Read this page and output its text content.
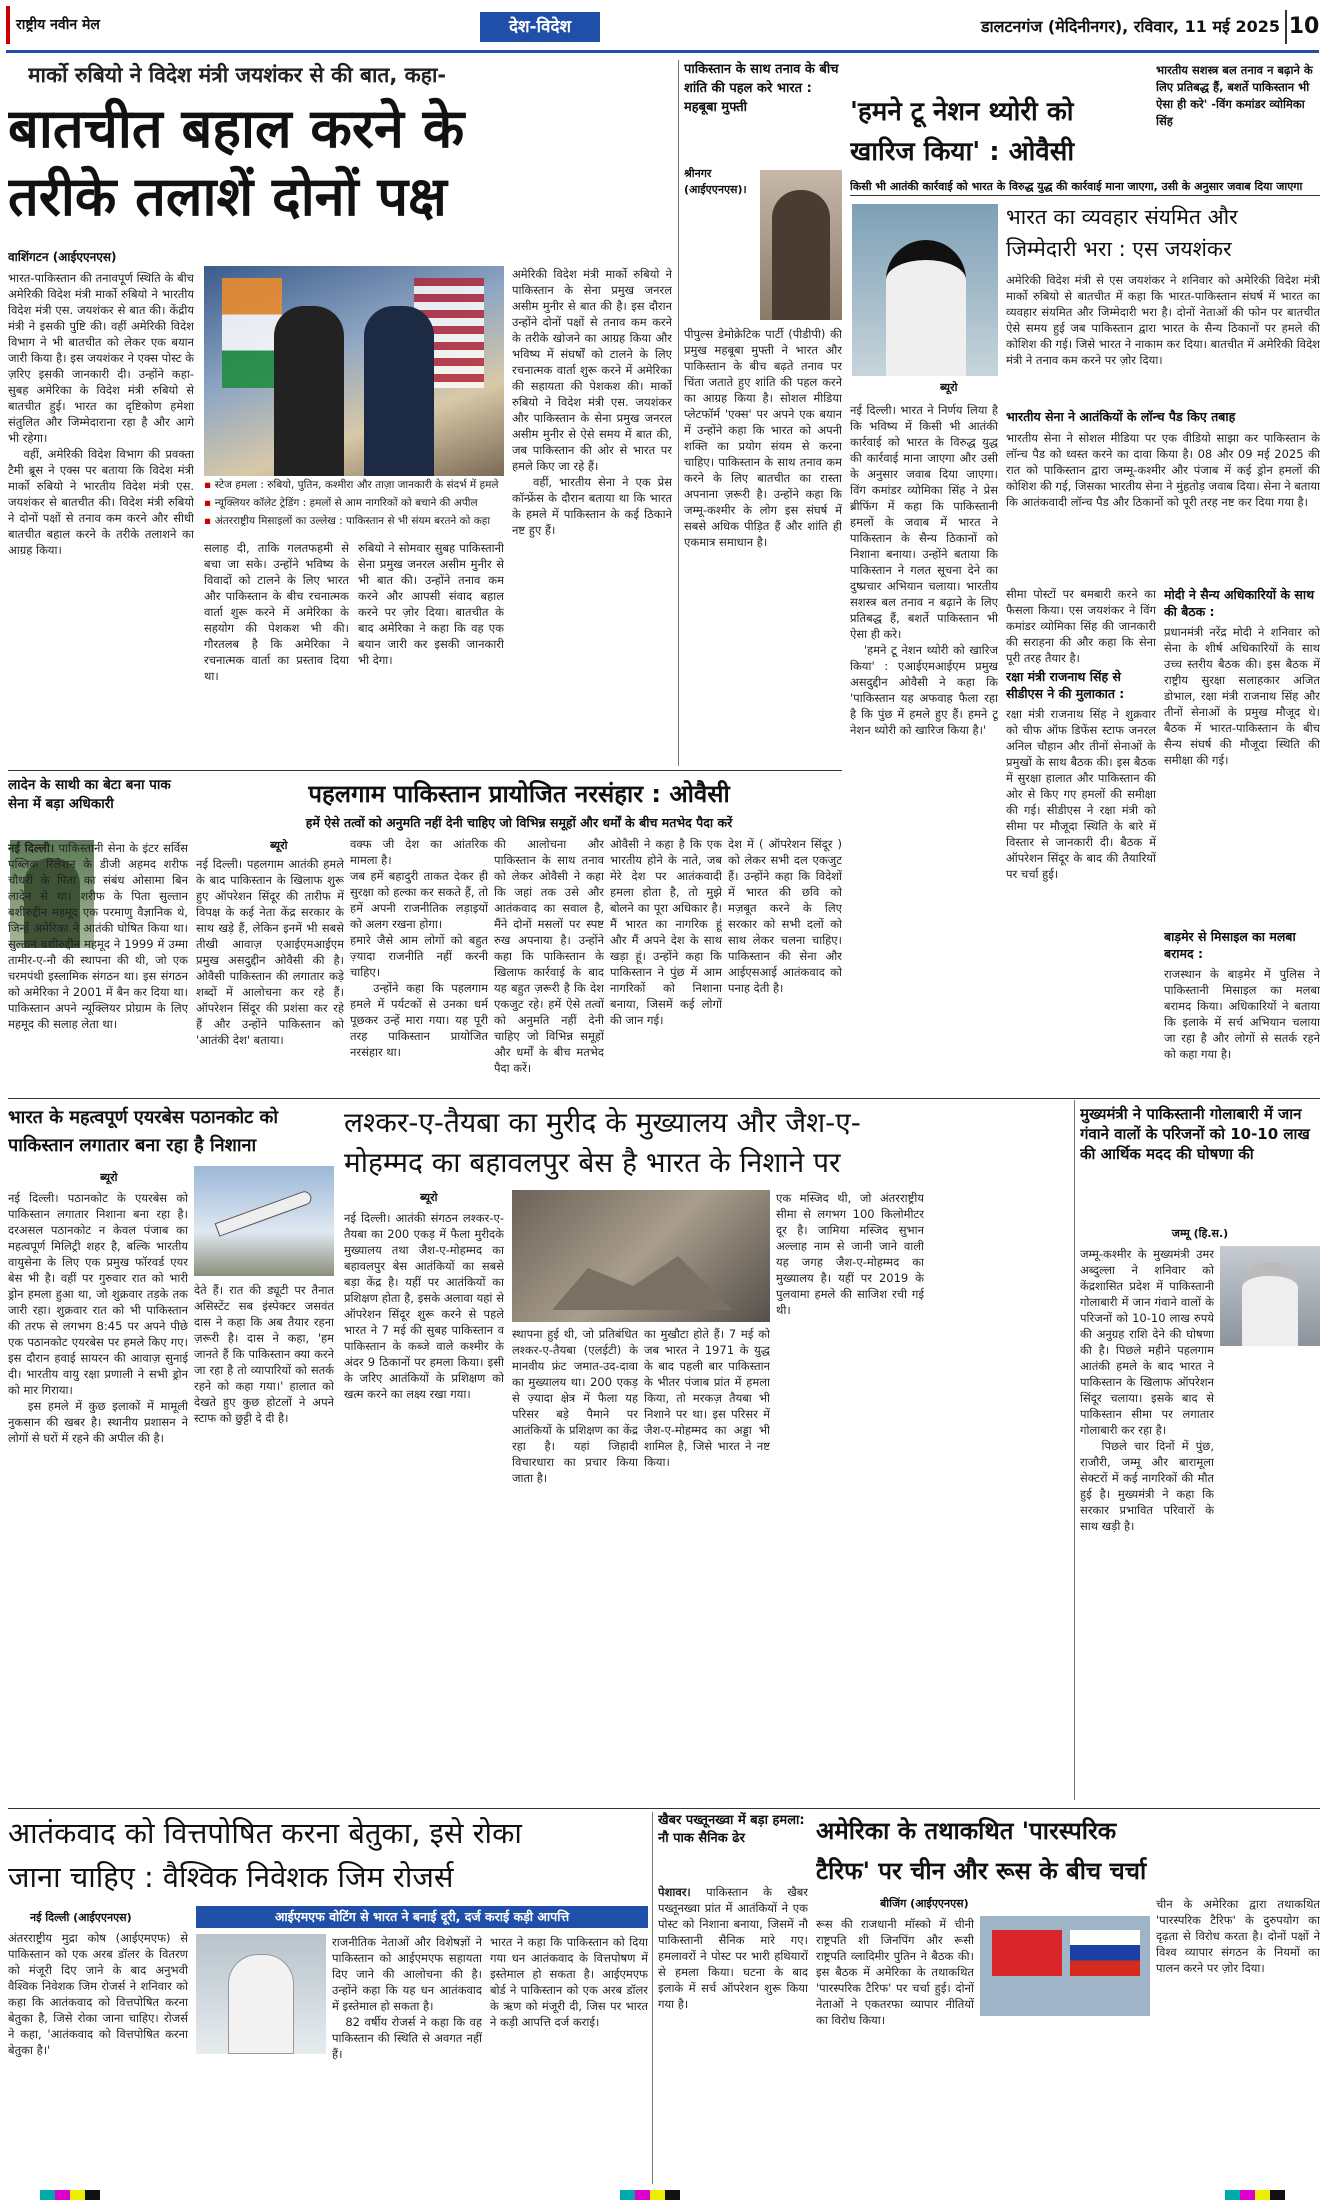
राष्ट्रीय नवीन मेल	देश-विदेश	डालटनगंज (मेदिनीनगर), रविवार, 11 मई 2025 10
मार्को रुबियो ने विदेश मंत्री जयशंकर से की बात, कहा-
बातचीत बहाल करने के
तरीके तलाशें दोनों पक्ष
वाशिंगटन (आईएएनएस)
भारत-पाकिस्तान की तनावपूर्ण स्थिति के बीच अमेरिकी विदेश मंत्री मार्को रुबियो ने भारतीय विदेश मंत्री एस. जयशंकर से बात की। केंद्रीय मंत्री ने इसकी पुष्टि की। वहीं अमेरिकी विदेश विभाग ने भी बातचीत को लेकर एक बयान जारी किया है। इस जयशंकर ने एक्स पोस्ट के ज़रिए इसकी जानकारी दी। उन्होंने कहा- सुबह अमेरिका के विदेश मंत्री रुबियो से बातचीत हुई। भारत का दृष्टिकोण हमेशा संतुलित और जिम्मेदाराना रहा है और आगे भी रहेगा।
वहीं, अमेरिकी विदेश विभाग की प्रवक्ता टैमी ब्रूस ने एक्स पर बताया कि विदेश मंत्री मार्को रुबियो ने भारतीय विदेश मंत्री एस. जयशंकर से बातचीत की। विदेश मंत्री रुबियो ने दोनों पक्षों से तनाव कम करने और सीधी बातचीत बहाल करने के तरीके तलाशने का आग्रह किया।
▪ स्टेज हमला : रुबियो, पुतिन, कश्मीरा और ताज़ा जानकारी के संदर्भ में हमले
▪ न्यूक्लियर कॉलेट ट्रेडिंग : हमलों से आम नागरिकों को बचाने की अपील
▪ अंतरराष्ट्रीय मिसाइलों का उल्लेख : पाकिस्तान से भी संयम बरतने को कहा
सलाह दी, ताकि गलतफहमी से बचा जा सके। उन्होंने भविष्य के विवादों को टालने के लिए भारत और पाकिस्तान के बीच रचनात्मक वार्ता शुरू करने में अमेरिका के सहयोग की पेशकश भी की। गौरतलब है कि अमेरिका ने रचनात्मक वार्ता का प्रस्ताव दिया था।
रुबियो ने सोमवार सुबह पाकिस्तानी सेना प्रमुख जनरल असीम मुनीर से भी बात की। उन्होंने तनाव कम करने और आपसी संवाद बहाल करने पर ज़ोर दिया। बातचीत के बाद अमेरिका ने कहा कि वह एक बयान जारी कर इसकी जानकारी भी देगा।
अमेरिकी विदेश मंत्री मार्को रुबियो ने पाकिस्तान के सेना प्रमुख जनरल असीम मुनीर से बात की है। इस दौरान उन्होंने दोनों पक्षों से तनाव कम करने के तरीके खोजने का आग्रह किया और भविष्य में संघर्षों को टालने के लिए रचनात्मक वार्ता शुरू करने में अमेरिका की सहायता की पेशकश की। मार्को रुबियो ने विदेश मंत्री एस. जयशंकर और पाकिस्तान के सेना प्रमुख जनरल असीम मुनीर से ऐसे समय में बात की, जब पाकिस्तान की ओर से भारत पर हमले किए जा रहे हैं।
वहीं, भारतीय सेना ने एक प्रेस कॉन्फ्रेंस के दौरान बताया था कि भारत के हमले में पाकिस्तान के कई ठिकाने नष्ट हुए हैं।
पाकिस्तान के साथ तनाव के बीच शांति की पहल करे भारत : महबूबा मुफ्ती
श्रीनगर (आईएएनएस)।
पीपुल्स डेमोक्रेटिक पार्टी (पीडीपी) की प्रमुख महबूबा मुफ्ती ने भारत और पाकिस्तान के बीच बढ़ते तनाव पर चिंता जताते हुए शांति की पहल करने का आग्रह किया है। सोशल मीडिया प्लेटफॉर्म 'एक्स' पर अपने एक बयान में उन्होंने कहा कि भारत को अपनी शक्ति का प्रयोग संयम से करना चाहिए। पाकिस्तान के साथ तनाव कम करने के लिए बातचीत का रास्ता अपनाना ज़रूरी है। उन्होंने कहा कि जम्मू-कश्मीर के लोग इस संघर्ष में सबसे अधिक पीड़ित हैं और शांति ही एकमात्र समाधान है।
'हमने टू नेशन थ्योरी को
खारिज किया' : ओवैसी
भारतीय सशस्त्र बल तनाव न बढ़ाने के लिए प्रतिबद्ध हैं, बशर्ते पाकिस्तान भी ऐसा ही करे' -विंग कमांडर व्योमिका सिंह
किसी भी आतंकी कार्रवाई को भारत के विरुद्ध युद्ध की कार्रवाई माना जाएगा, उसी के अनुसार जवाब दिया जाएगा
ब्यूरो
भारत का व्यवहार संयमित और
जिम्मेदारी भरा : एस जयशंकर
अमेरिकी विदेश मंत्री से एस जयशंकर ने शनिवार को अमेरिकी विदेश मंत्री मार्को रुबियो से बातचीत में कहा कि भारत-पाकिस्तान संघर्ष में भारत का व्यवहार संयमित और जिम्मेदारी भरा है। दोनों नेताओं की फोन पर बातचीत ऐसे समय हुई जब पाकिस्तान द्वारा भारत के सैन्य ठिकानों पर हमले की कोशिश की गई। जिसे भारत ने नाकाम कर दिया। बातचीत में अमेरिकी विदेश मंत्री ने तनाव कम करने पर ज़ोर दिया।
भारतीय सेना ने आतंकियों के लॉन्च पैड किए तबाह
भारतीय सेना ने सोशल मीडिया पर एक वीडियो साझा कर पाकिस्तान के लॉन्च पैड को ध्वस्त करने का दावा किया है। 08 और 09 मई 2025 की रात को पाकिस्तान द्वारा जम्मू-कश्मीर और पंजाब में कई ड्रोन हमलों की कोशिश की गई, जिसका भारतीय सेना ने मुंहतोड़ जवाब दिया। सेना ने बताया कि आतंकवादी लॉन्च पैड और ठिकानों को पूरी तरह नष्ट कर दिया गया है।
नई दिल्ली। भारत ने निर्णय लिया है कि भविष्य में किसी भी आतंकी कार्रवाई को भारत के विरुद्ध युद्ध की कार्रवाई माना जाएगा और उसी के अनुसार जवाब दिया जाएगा। विंग कमांडर व्योमिका सिंह ने प्रेस ब्रीफिंग में कहा कि पाकिस्तानी हमलों के जवाब में भारत ने पाकिस्तान के सैन्य ठिकानों को निशाना बनाया। उन्होंने बताया कि पाकिस्तान ने गलत सूचना देने का दुष्प्रचार अभियान चलाया। भारतीय सशस्त्र बल तनाव न बढ़ाने के लिए प्रतिबद्ध हैं, बशर्ते पाकिस्तान भी ऐसा ही करे।
'हमने टू नेशन थ्योरी को खारिज किया' : एआईएमआईएम प्रमुख असदुद्दीन ओवैसी ने कहा कि 'पाकिस्तान यह अफवाह फैला रहा है कि पुंछ में हमले हुए हैं। हमने टू नेशन थ्योरी को खारिज किया है।'
सीमा पोस्टों पर बमबारी करने का फैसला किया। एस जयशंकर ने विंग कमांडर व्योमिका सिंह की जानकारी की सराहना की और कहा कि सेना पूरी तरह तैयार है।
रक्षा मंत्री राजनाथ सिंह से सीडीएस ने की मुलाकात :
रक्षा मंत्री राजनाथ सिंह ने शुक्रवार को चीफ ऑफ डिफेंस स्टाफ जनरल अनिल चौहान और तीनों सेनाओं के प्रमुखों के साथ बैठक की। इस बैठक में सुरक्षा हालात और पाकिस्तान की ओर से किए गए हमलों की समीक्षा की गई। सीडीएस ने रक्षा मंत्री को सीमा पर मौजूदा स्थिति के बारे में विस्तार से जानकारी दी। बैठक में ऑपरेशन सिंदूर के बाद की तैयारियों पर चर्चा हुई।
मोदी ने सैन्य अधिकारियों के साथ की बैठक :
प्रधानमंत्री नरेंद्र मोदी ने शनिवार को सेना के शीर्ष अधिकारियों के साथ उच्च स्तरीय बैठक की। इस बैठक में राष्ट्रीय सुरक्षा सलाहकार अजित डोभाल, रक्षा मंत्री राजनाथ सिंह और तीनों सेनाओं के प्रमुख मौजूद थे। बैठक में भारत-पाकिस्तान के बीच सैन्य संघर्ष की मौजूदा स्थिति की समीक्षा की गई।
बाड़मेर से मिसाइल का मलबा बरामद :
राजस्थान के बाड़मेर में पुलिस ने पाकिस्तानी मिसाइल का मलबा बरामद किया। अधिकारियों ने बताया कि इलाके में सर्च अभियान चलाया जा रहा है और लोगों से सतर्क रहने को कहा गया है।
लादेन के साथी का बेटा बना पाक सेना में बड़ा अधिकारी
नई दिल्ली। पाकिस्तानी सेना के इंटर सर्विस पब्लिक रिलेशन के डीजी अहमद शरीफ चौधरी के पिता का संबंध ओसामा बिन लादेन से था। शरीफ के पिता सुल्तान बशीरुद्दीन महमूद एक परमाणु वैज्ञानिक थे, जिन्हें अमेरिका ने आतंकी घोषित किया था। सुल्तान बशीरुद्दीन महमूद ने 1999 में उम्मा तामीर-ए-नौ की स्थापना की थी, जो एक चरमपंथी इस्लामिक संगठन था। इस संगठन को अमेरिका ने 2001 में बैन कर दिया था। पाकिस्तान अपने न्यूक्लियर प्रोग्राम के लिए महमूद की सलाह लेता था।
पहलगाम पाकिस्तान प्रायोजित नरसंहार : ओवैसी
हमें ऐसे तत्वों को अनुमति नहीं देनी चाहिए जो विभिन्न समूहों और धर्मों के बीच मतभेद पैदा करें
ब्यूरो
नई दिल्ली। पहलगाम आतंकी हमले के बाद पाकिस्तान के खिलाफ शुरू हुए ऑपरेशन सिंदूर की तारीफ में विपक्ष के कई नेता केंद्र सरकार के साथ खड़े हैं, लेकिन इनमें भी सबसे तीखी आवाज़ एआईएमआईएम प्रमुख असदुद्दीन ओवैसी की है। ओवैसी पाकिस्तान की लगातार कड़े शब्दों में आलोचना कर रहे हैं। ऑपरेशन सिंदूर की प्रशंसा कर रहे हैं और उन्होंने पाकिस्तान को 'आतंकी देश' बताया।
वक्फ जी देश का आंतरिक मामला है।
जब हमें बहादुरी ताकत देकर ही सुरक्षा को हल्का कर सकते हैं, तो हमें अपनी राजनीतिक लड़ाइयों को अलग रखना होगा।
हमारे जैसे आम लोगों को बहुत ज़्यादा राजनीति नहीं करनी चाहिए।
उन्होंने कहा कि पहलगाम हमले में पर्यटकों से उनका धर्म पूछकर उन्हें मारा गया। यह पूरी तरह पाकिस्तान प्रायोजित नरसंहार था।
की आलोचना और पाकिस्तान के साथ तनाव को लेकर ओवैसी ने कहा कि जहां तक उसे और आतंकवाद का सवाल है, मैंने दोनों मसलों पर स्पष्ट रुख अपनाया है। उन्होंने कहा कि पाकिस्तान के खिलाफ कार्रवाई के बाद यह बहुत ज़रूरी है कि देश एकजुट रहे। हमें ऐसे तत्वों को अनुमति नहीं देनी चाहिए जो विभिन्न समूहों और धर्मों के बीच मतभेद पैदा करें।
ओवैसी ने कहा है कि एक भारतीय होने के नाते, जब मेरे देश पर आतंकवादी हमला होता है, तो मुझे बोलने का पूरा अधिकार है। मैं भारत का नागरिक हूं और मैं अपने देश के साथ खड़ा हूं। उन्होंने कहा कि पाकिस्तान ने पुंछ में आम नागरिकों को निशाना बनाया, जिसमें कई लोगों की जान गई।
देश में ( ऑपरेशन सिंदूर ) को लेकर सभी दल एकजुट हैं। उन्होंने कहा कि विदेशों में भारत की छवि को मज़बूत करने के लिए सरकार को सभी दलों को साथ लेकर चलना चाहिए। पाकिस्तान की सेना और आईएसआई आतंकवाद को पनाह देती है।
भारत के महत्वपूर्ण एयरबेस पठानकोट को पाकिस्तान लगातार बना रहा है निशाना
ब्यूरो
नई दिल्ली। पठानकोट के एयरबेस को पाकिस्तान लगातार निशाना बना रहा है। दरअसल पठानकोट न केवल पंजाब का महत्वपूर्ण मिलिट्री शहर है, बल्कि भारतीय वायुसेना के लिए एक प्रमुख फॉरवर्ड एयर बेस भी है। वहीं पर गुरुवार रात को भारी ड्रोन हमला हुआ था, जो शुक्रवार तड़के तक जारी रहा। शुक्रवार रात को भी पाकिस्तान की तरफ से लगभग 8:45 पर अपने पीछे एक पठानकोट एयरबेस पर हमले किए गए। इस दौरान हवाई सायरन की आवाज़ सुनाई दी। भारतीय वायु रक्षा प्रणाली ने सभी ड्रोन को मार गिराया।
इस हमले में कुछ इलाकों में मामूली नुकसान की खबर है। स्थानीय प्रशासन ने लोगों से घरों में रहने की अपील की है।
लश्कर-ए-तैयबा का मुरीद के मुख्यालय और जैश-ए-
मोहम्मद का बहावलपुर बेस है भारत के निशाने पर
ब्यूरो
नई दिल्ली। आतंकी संगठन लश्कर-ए-तैयबा का 200 एकड़ में फैला मुरीदके मुख्यालय तथा जैश-ए-मोहम्मद का बहावलपुर बेस आतंकियों का सबसे बड़ा केंद्र है। यहीं पर आतंकियों का प्रशिक्षण होता है, इसके अलावा यहां से ऑपरेशन सिंदूर शुरू करने से पहले भारत ने 7 मई की सुबह पाकिस्तान व पाकिस्तान के कब्जे वाले कश्मीर के अंदर 9 ठिकानों पर हमला किया। इसी के जरिए आतंकियों के प्रशिक्षण को खत्म करने का लक्ष्य रखा गया।
देते हैं। रात की ड्यूटी पर तैनात असिस्टेंट सब इंस्पेक्टर जसवंत दास ने कहा कि अब तैयार रहना ज़रूरी है। दास ने कहा, 'हम जानते हैं कि पाकिस्तान क्या करने जा रहा है तो व्यापारियों को सतर्क रहने को कहा गया।' हालात को देखते हुए कुछ होटलों ने अपने स्टाफ को छुट्टी दे दी है।
स्थापना हुई थी, जो प्रतिबंधित लश्कर-ए-तैयबा (एलईटी) के मानवीय फ्रंट जमात-उद-दावा का मुख्यालय था। 200 एकड़ से ज़्यादा क्षेत्र में फैला यह परिसर बड़े पैमाने पर आतंकियों के प्रशिक्षण का केंद्र रहा है। यहां जिहादी विचारधारा का प्रचार किया जाता है।
का मुखौटा होते हैं। 7 मई को जब भारत ने 1971 के युद्ध के बाद पहली बार पाकिस्तान के भीतर पंजाब प्रांत में हमला किया, तो मरकज़ तैयबा भी निशाने पर था। इस परिसर में जैश-ए-मोहम्मद का अड्डा भी शामिल है, जिसे भारत ने नष्ट किया।
एक मस्जिद थी, जो अंतरराष्ट्रीय सीमा से लगभग 100 किलोमीटर दूर है। जामिया मस्जिद सुभान अल्लाह नाम से जानी जाने वाली यह जगह जैश-ए-मोहम्मद का मुख्यालय है। यहीं पर 2019 के पुलवामा हमले की साजिश रची गई थी।
मुख्यमंत्री ने पाकिस्तानी गोलाबारी में जान गंवाने वालों के परिजनों को 10-10 लाख की आर्थिक मदद की घोषणा की
जम्मू (हि.स.)
जम्मू-कश्मीर के मुख्यमंत्री उमर अब्दुल्ला ने शनिवार को केंद्रशासित प्रदेश में पाकिस्तानी गोलाबारी में जान गंवाने वालों के परिजनों को 10-10 लाख रुपये की अनुग्रह राशि देने की घोषणा की है। पिछले महीने पहलगाम आतंकी हमले के बाद भारत ने पाकिस्तान के खिलाफ ऑपरेशन सिंदूर चलाया। इसके बाद से पाकिस्तान सीमा पर लगातार गोलाबारी कर रहा है।
पिछले चार दिनों में पुंछ, राजौरी, जम्मू और बारामूला सेक्टरों में कई नागरिकों की मौत हुई है। मुख्यमंत्री ने कहा कि सरकार प्रभावित परिवारों के साथ खड़ी है।
आतंकवाद को वित्तपोषित करना बेतुका, इसे रोका
जाना चाहिए : वैश्विक निवेशक जिम रोजर्स
नई दिल्ली (आईएएनएस)
अंतरराष्ट्रीय मुद्रा कोष (आईएमएफ) से पाकिस्तान को एक अरब डॉलर के वितरण को मंजूरी दिए जाने के बाद अनुभवी वैश्विक निवेशक जिम रोजर्स ने शनिवार को कहा कि आतंकवाद को वित्तपोषित करना बेतुका है, जिसे रोका जाना चाहिए। रोजर्स ने कहा, 'आतंकवाद को वित्तपोषित करना बेतुका है।'
आईएमएफ वोटिंग से भारत ने बनाई दूरी, दर्ज कराई कड़ी आपत्ति
राजनीतिक नेताओं और विशेषज्ञों ने पाकिस्तान को आईएमएफ सहायता दिए जाने की आलोचना की है। उन्होंने कहा कि यह धन आतंकवाद में इस्तेमाल हो सकता है।
82 वर्षीय रोजर्स ने कहा कि वह पाकिस्तान की स्थिति से अवगत नहीं हैं।
भारत ने कहा कि पाकिस्तान को दिया गया धन आतंकवाद के वित्तपोषण में इस्तेमाल हो सकता है। आईएमएफ बोर्ड ने पाकिस्तान को एक अरब डॉलर के ऋण को मंजूरी दी, जिस पर भारत ने कड़ी आपत्ति दर्ज कराई।
खैबर पख्तूनख्वा में बड़ा हमला: नौ पाक सैनिक ढेर
पेशावर। पाकिस्तान के खैबर पख्तूनख्वा प्रांत में आतंकियों ने एक पोस्ट को निशाना बनाया, जिसमें नौ पाकिस्तानी सैनिक मारे गए। हमलावरों ने पोस्ट पर भारी हथियारों से हमला किया। घटना के बाद इलाके में सर्च ऑपरेशन शुरू किया गया है।
अमेरिका के तथाकथित 'पारस्परिक
टैरिफ' पर चीन और रूस के बीच चर्चा
बीजिंग (आईएएनएस)
रूस की राजधानी मॉस्को में चीनी राष्ट्रपति शी जिनपिंग और रूसी राष्ट्रपति व्लादिमीर पुतिन ने बैठक की। इस बैठक में अमेरिका के तथाकथित 'पारस्परिक टैरिफ' पर चर्चा हुई। दोनों नेताओं ने एकतरफा व्यापार नीतियों का विरोध किया।
चीन के अमेरिका द्वारा तथाकथित 'पारस्परिक टैरिफ' के दुरुपयोग का दृढ़ता से विरोध करता है। दोनों पक्षों ने विश्व व्यापार संगठन के नियमों का पालन करने पर ज़ोर दिया।
